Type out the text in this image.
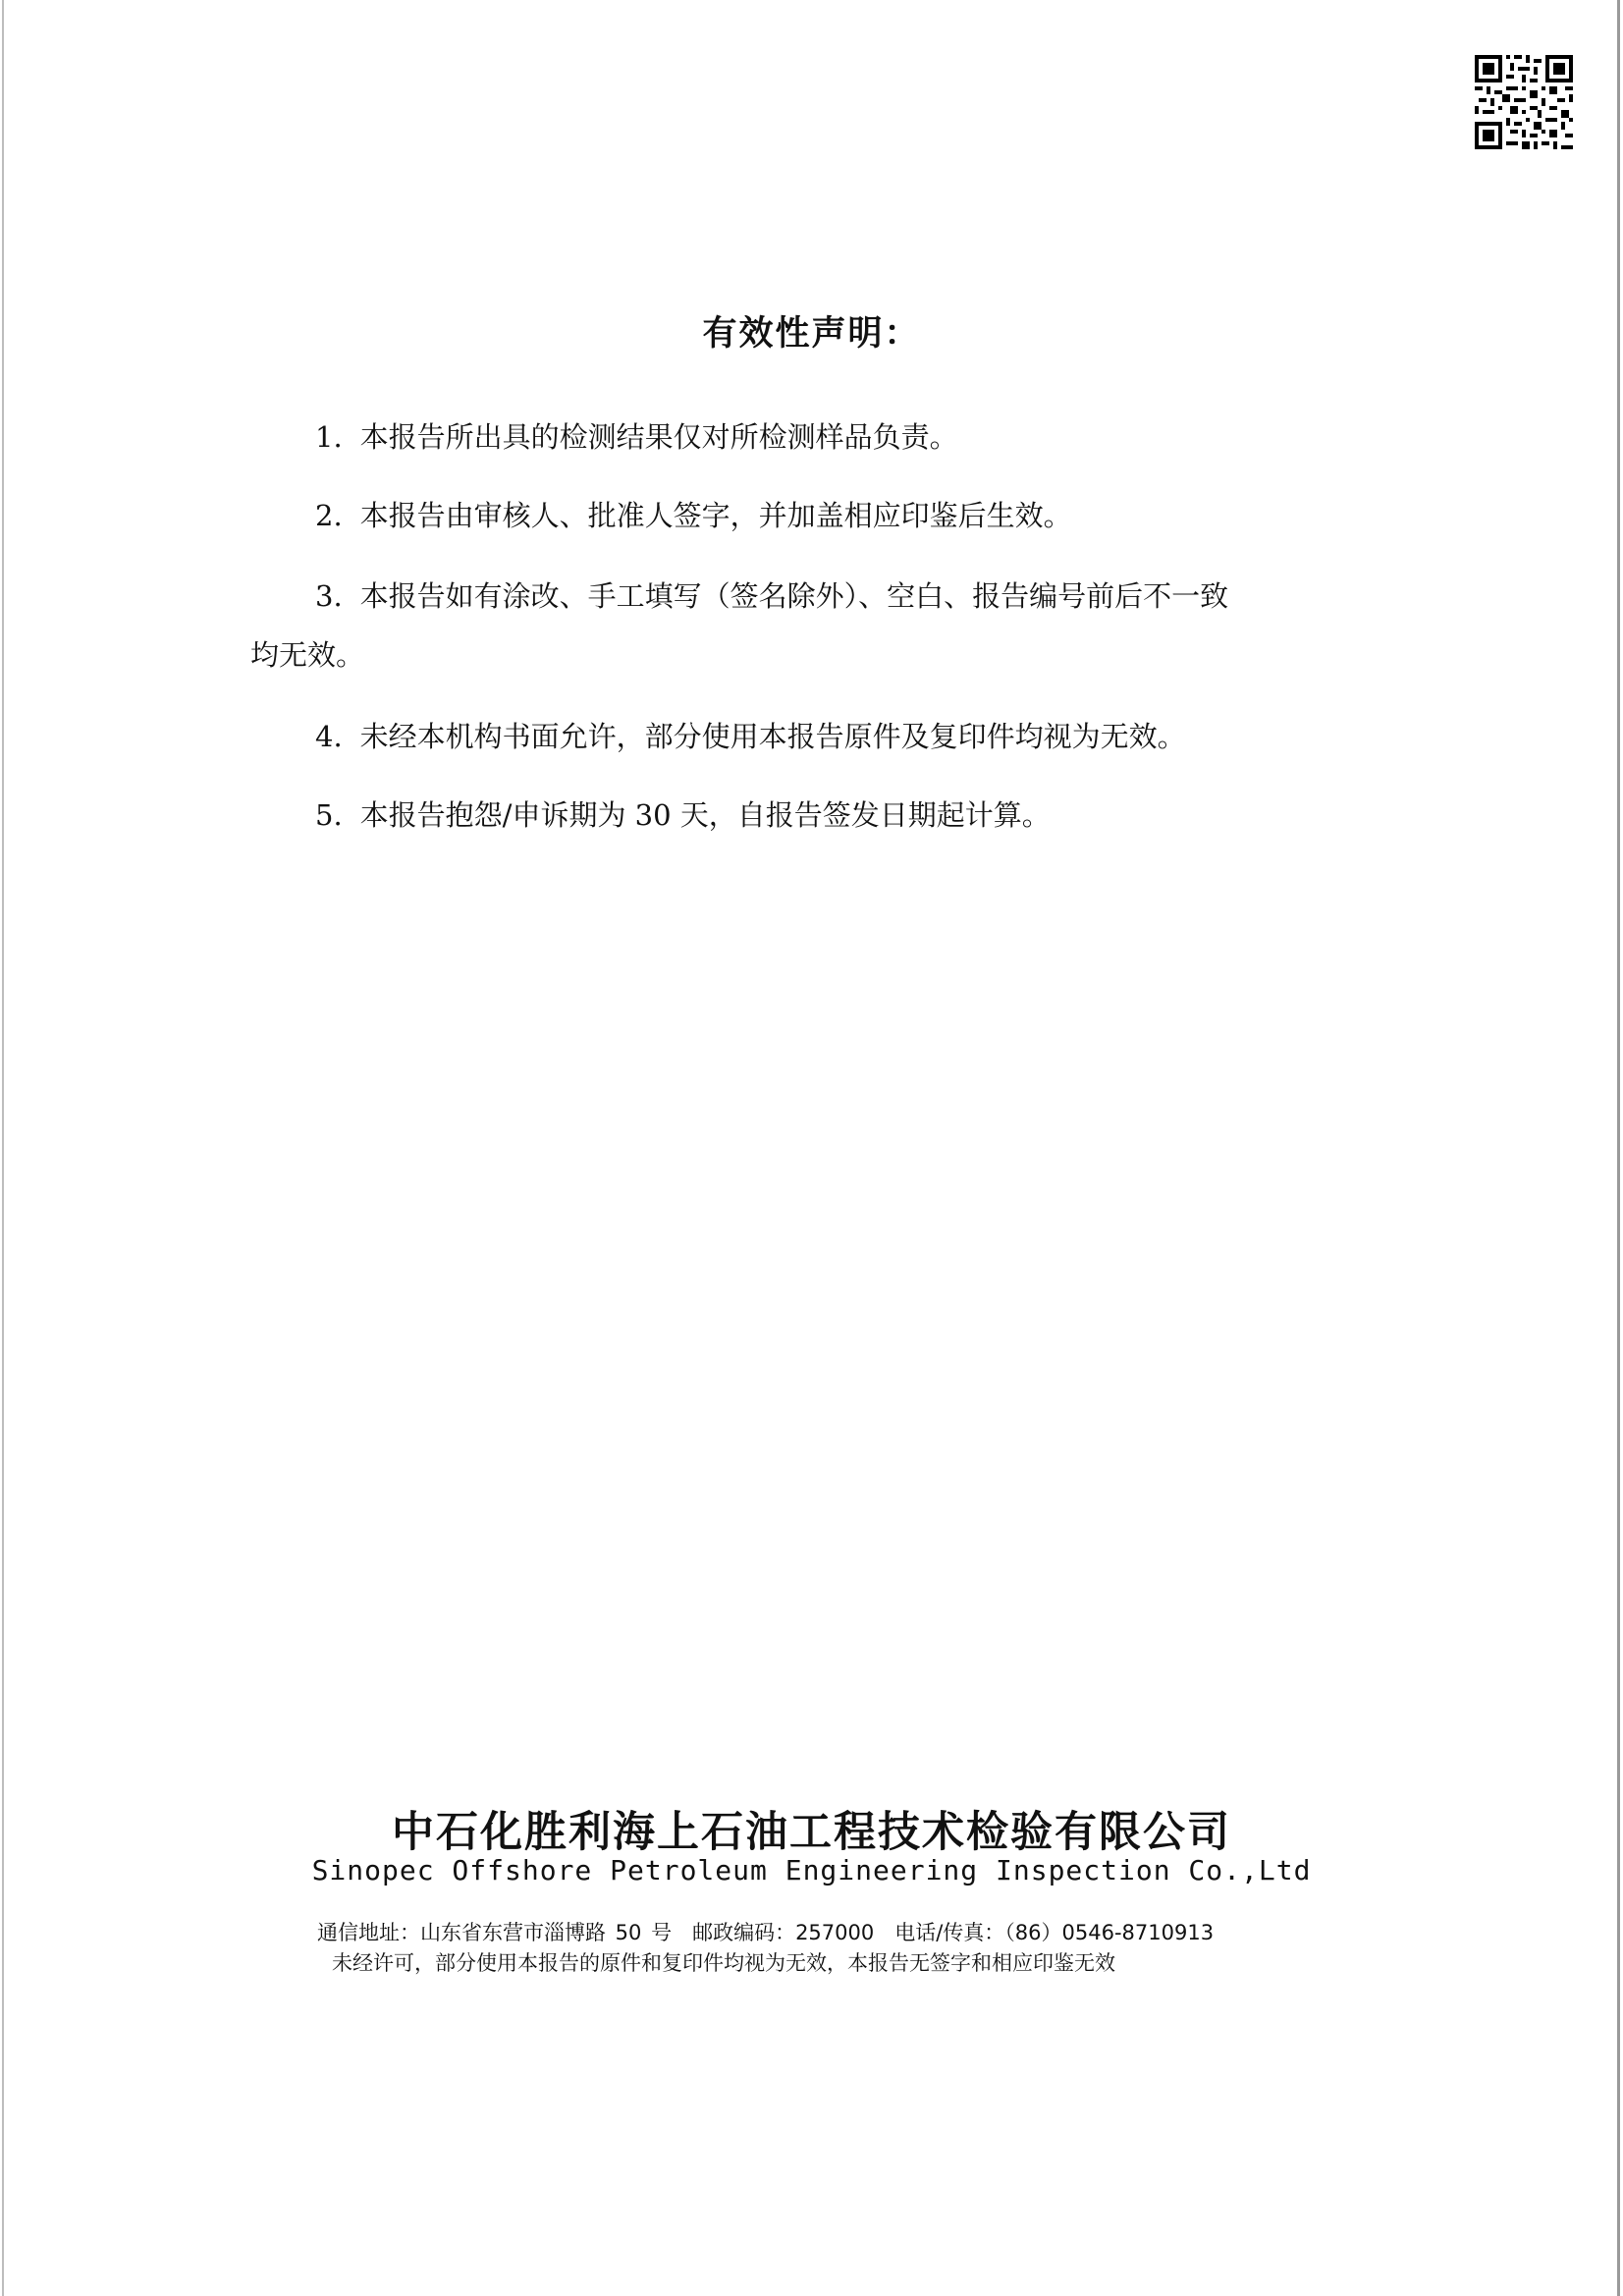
有效性声明：
1. 本报告所出具的检测结果仅对所检测样品负责。
2. 本报告由审核人、批准人签字，并加盖相应印鉴后生效。
3. 本报告如有涂改、手工填写（签名除外）、空白、报告编号前后不一致
均无效。
4. 未经本机构书面允许，部分使用本报告原件及复印件均视为无效。
5. 本报告抱怨/申诉期为 30 天，自报告签发日期起计算。
中石化胜利海上石油工程技术检验有限公司
Sinopec Offshore Petroleum Engineering Inspection Co.,Ltd
通信地址：山东省东营市淄博路 50 号　邮政编码：257000　电话/传真：（86）0546-8710913
未经许可，部分使用本报告的原件和复印件均视为无效，本报告无签字和相应印鉴无效
